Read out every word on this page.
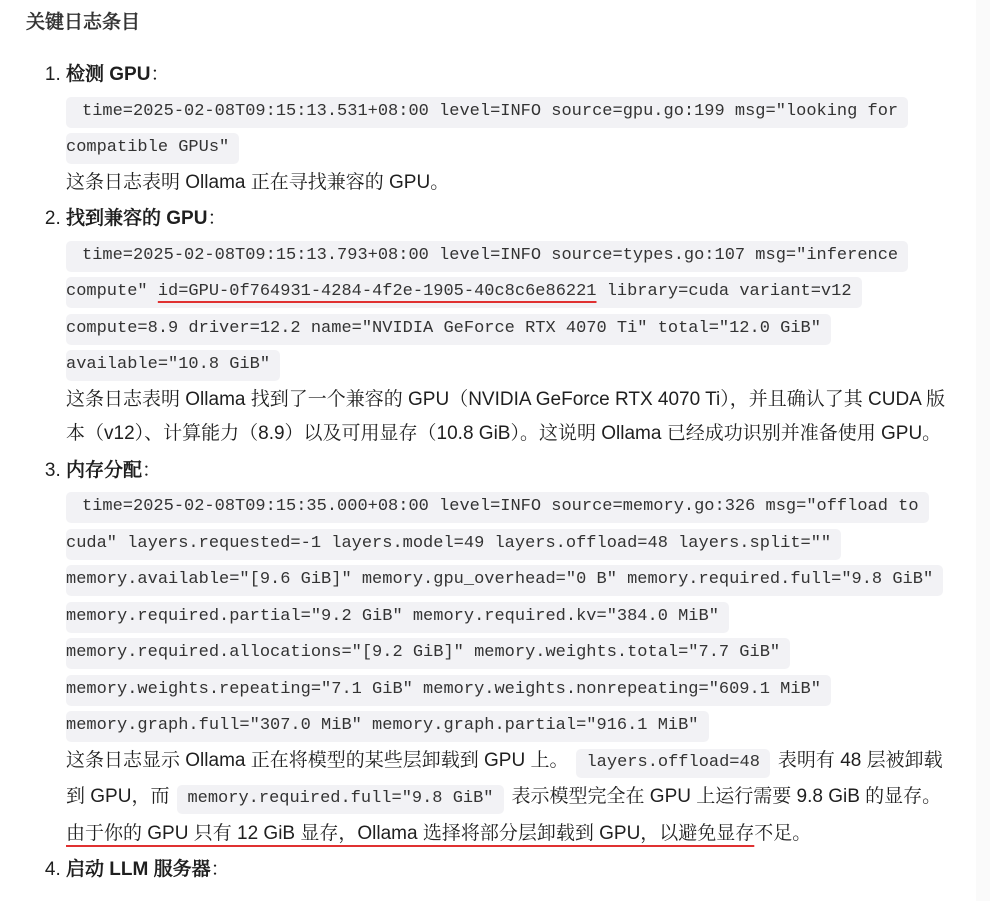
关键日志条目
1. 检测 GPU：
time=2025-02-08T09:15:13.531+08:00 level=INFO source=gpu.go:199 msg="looking for compatible GPUs"
这条日志表明 Ollama 正在寻找兼容的 GPU。
2. 找到兼容的 GPU：
time=2025-02-08T09:15:13.793+08:00 level=INFO source=types.go:107 msg="inference compute" id=GPU-0f764931-4284-4f2e-1905-40c8c6e86221 library=cuda variant=v12 compute=8.9 driver=12.2 name="NVIDIA GeForce RTX 4070 Ti" total="12.0 GiB" available="10.8 GiB"
这条日志表明 Ollama 找到了一个兼容的 GPU（NVIDIA GeForce RTX 4070 Ti），并且确认了其 CUDA 版本（v12）、计算能力（8.9）以及可用显存（10.8 GiB）。这说明 Ollama 已经成功识别并准备使用 GPU。
3. 内存分配：
time=2025-02-08T09:15:35.000+08:00 level=INFO source=memory.go:326 msg="offload to cuda" layers.requested=-1 layers.model=49 layers.offload=48 layers.split="" memory.available="[9.6 GiB]" memory.gpu_overhead="0 B" memory.required.full="9.8 GiB" memory.required.partial="9.2 GiB" memory.required.kv="384.0 MiB" memory.required.allocations="[9.2 GiB]" memory.weights.total="7.7 GiB" memory.weights.repeating="7.1 GiB" memory.weights.nonrepeating="609.1 MiB" memory.graph.full="307.0 MiB" memory.graph.partial="916.1 MiB"
这条日志显示 Ollama 正在将模型的某些层卸载到 GPU 上。 layers.offload=48 表明有 48 层被卸载到 GPU，而 memory.required.full="9.8 GiB" 表示模型完全在 GPU 上运行需要 9.8 GiB 的显存。由于你的 GPU 只有 12 GiB 显存，Ollama 选择将部分层卸载到 GPU，以避免显存不足。
4. 启动 LLM 服务器：
